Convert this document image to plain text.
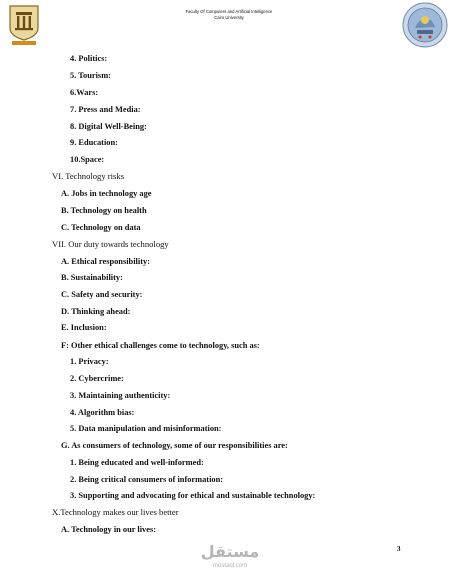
Faculty Of Computers and Artificial Intelligence
Cairo University
4. Politics:
5. Tourism:
6.Wars:
7. Press and Media:
8. Digital Well-Being:
9. Education:
10.Space:
VI. Technology risks
A. Jobs in technology age
B. Technology on health
C. Technology on data
VII. Our duty towards technology
A. Ethical responsibility:
B. Sustainability:
C. Safety and security:
D. Thinking ahead:
E. Inclusion:
F: Other ethical challenges come to technology, such as:
1. Privacy:
2. Cybercrime:
3. Maintaining authenticity:
4. Algorithm bias:
5. Data manipulation and misinformation:
G. As consumers of technology, some of our responsibilities are:
1. Being educated and well-informed:
2. Being critical consumers of information:
3. Supporting and advocating for ethical and sustainable technology:
X.Technology makes our lives better
A. Technology in our lives:
3
مستقل
mostaql.com
